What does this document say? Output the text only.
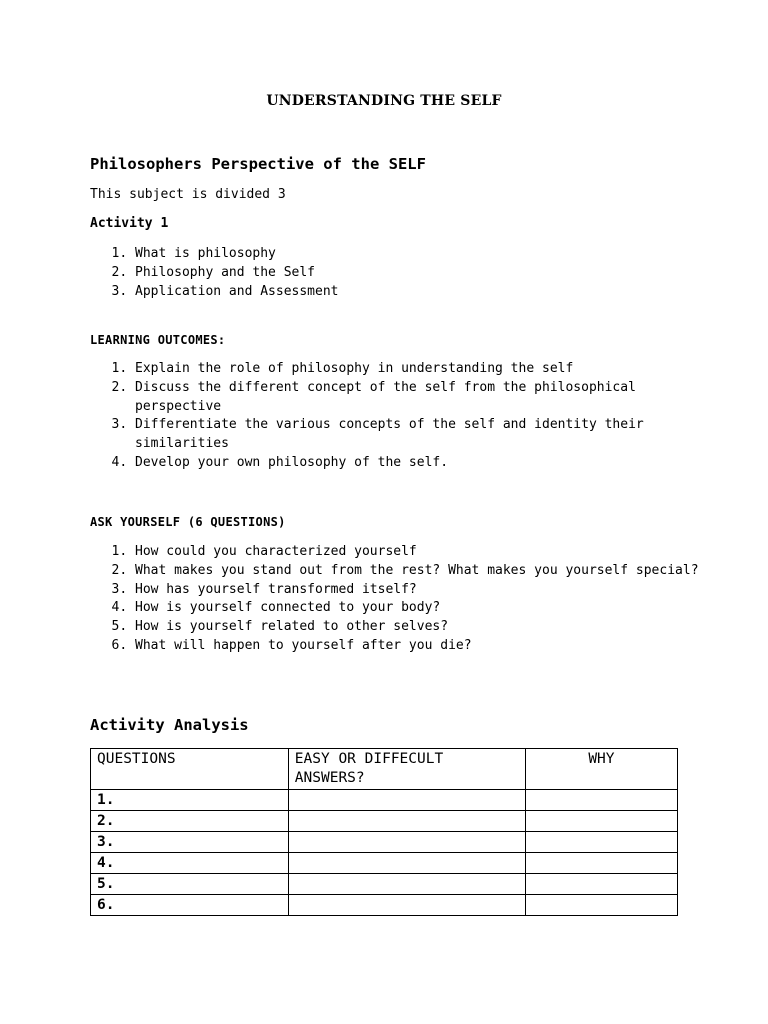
UNDERSTANDING THE SELF
Philosophers Perspective of the SELF
This subject is divided 3
Activity 1
1. What is philosophy
2. Philosophy and the Self
3. Application and Assessment
LEARNING OUTCOMES:
1. Explain the role of philosophy in understanding the self
2. Discuss the different concept of the self from the philosophical perspective
3. Differentiate the various concepts of the self and identity their similarities
4. Develop your own philosophy of the self.
ASK YOURSELF (6 QUESTIONS)
1. How could you characterized yourself
2. What makes you stand out from the rest? What makes you yourself special?
3. How has yourself transformed itself?
4. How is yourself connected to your body?
5. How is yourself related to other selves?
6. What will happen to yourself after you die?
Activity Analysis
QUESTIONS	EASY OR DIFFECULT ANSWERS?	WHY
1.		
2.		
3.		
4.		
5.		
6.		
